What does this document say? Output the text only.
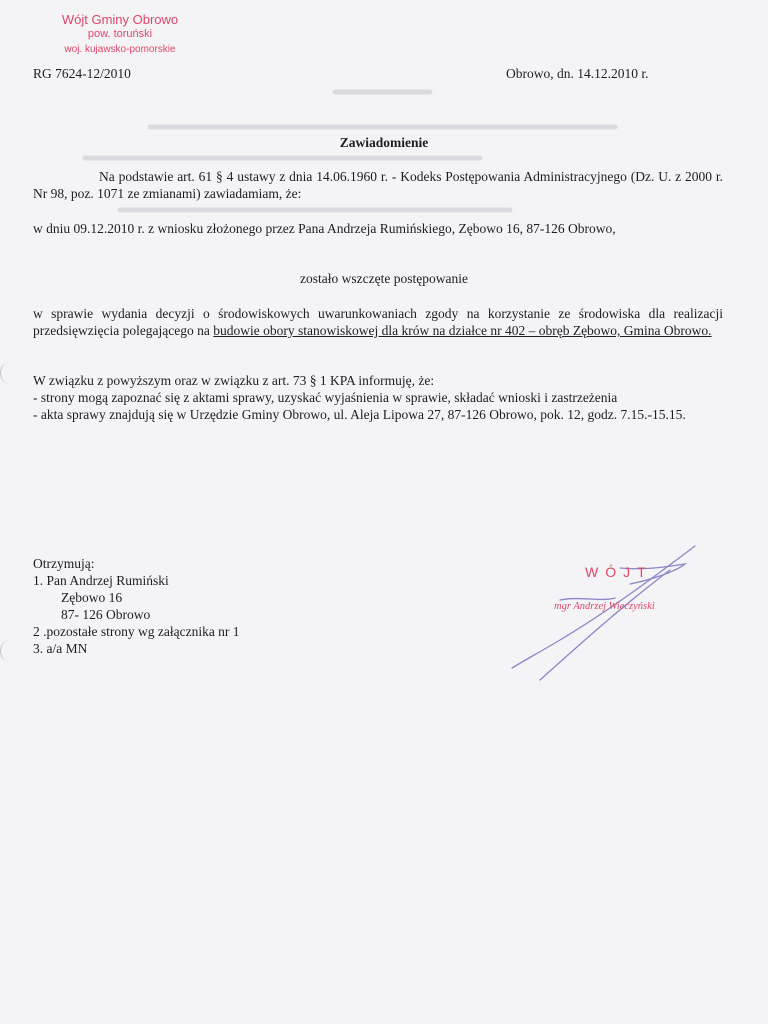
Wójt Gminy Obrowo
pow. toruński
woj. kujawsko-pomorskie
RG 7624-12/2010	Obrowo, dn. 14.12.2010 r.
Zawiadomienie
Na podstawie art. 61 § 4 ustawy z dnia 14.06.1960 r. - Kodeks Postępowania Administracyjnego (Dz. U. z 2000 r. Nr 98, poz. 1071 ze zmianami) zawiadamiam, że:
w dniu 09.12.2010 r. z wniosku złożonego przez Pana Andrzeja Rumińskiego, Zębowo 16, 87-126 Obrowo,
zostało wszczęte postępowanie
w sprawie wydania decyzji o środowiskowych uwarunkowaniach zgody na korzystanie ze środowiska dla realizacji przedsięwzięcia polegającego na budowie obory stanowiskowej dla krów na działce nr 402 – obręb Zębowo, Gmina Obrowo.
W związku z powyższym oraz w związku z art. 73 § 1 KPA informuję, że:
- strony mogą zapoznać się z aktami sprawy, uzyskać wyjaśnienia w sprawie, składać wnioski i zastrzeżenia
- akta sprawy znajdują się w Urzędzie Gminy Obrowo, ul. Aleja Lipowa 27, 87-126 Obrowo, pok. 12, godz. 7.15.-15.15.
Otrzymują:
1. Pan Andrzej Rumiński
Zębowo 16
87- 126 Obrowo
2 .pozostałe strony wg załącznika nr 1
3. a/a MN
WÓJT
mgr Andrzej Wieczyński
